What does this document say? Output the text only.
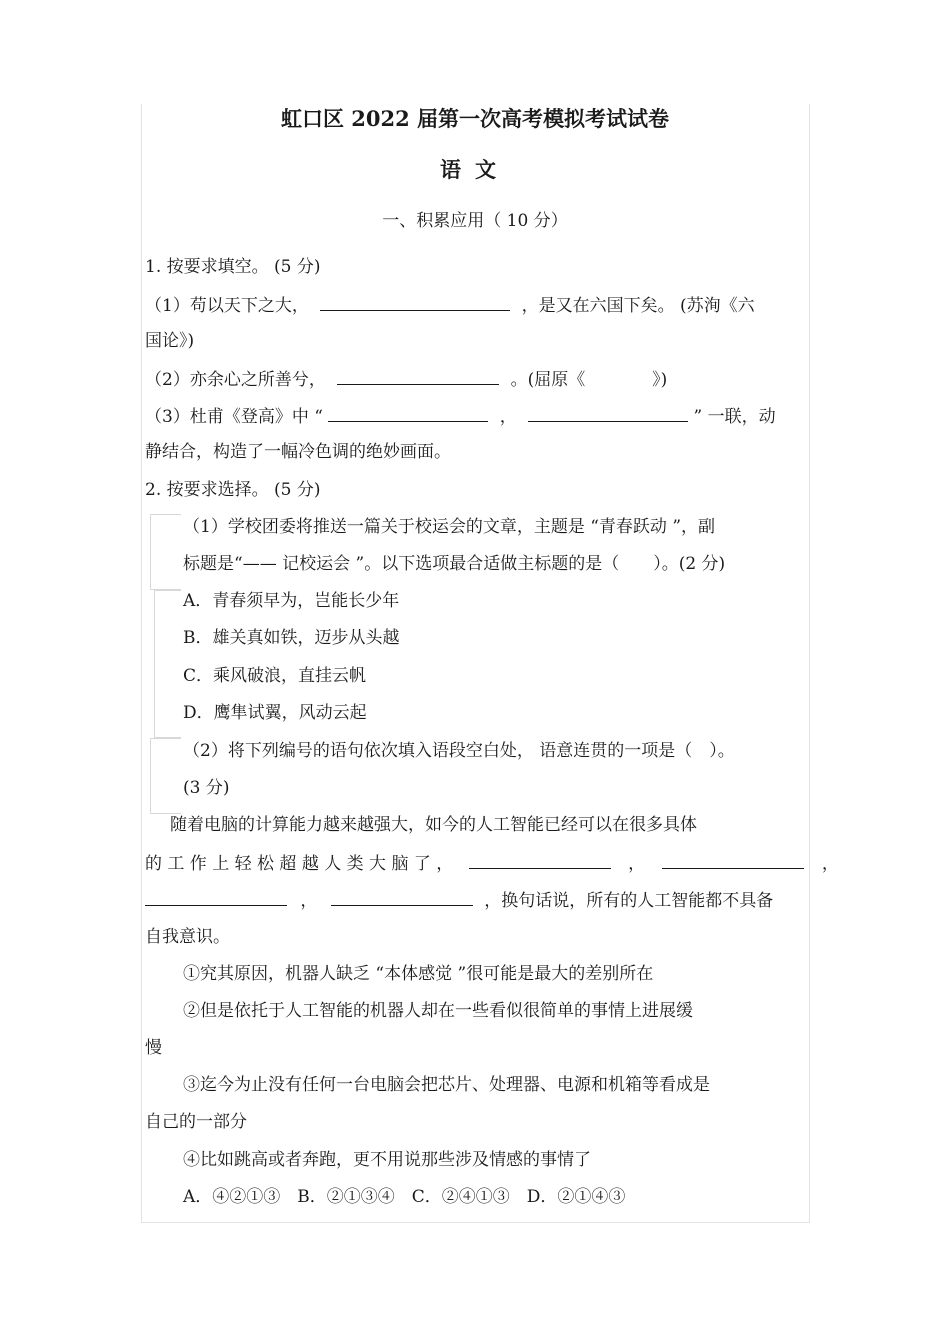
虹口区 2022 届第一次高考模拟考试试卷
语文
一、积累应用（ 10 分）
1. 按要求填空。 (5 分)
（1）苟以天下之大，	，是又在六国下矣。 (苏洵《六
国论》)
（2）亦余心之所善兮，	。(屈原《	》)
（3）杜甫《登高》中 “	，	” 一联，动
静结合，构造了一幅冷色调的绝妙画面。
2. 按要求选择。 (5 分)
（1）学校团委将推送一篇关于校运会的文章，主题是 “青春跃动 ”，副
标题是“—— 记校运会 ”。以下选项最合适做主标题的是（　　）。(2 分)
A．青春须早为，岂能长少年
B．雄关真如铁，迈步从头越
C．乘风破浪，直挂云帆
D．鹰隼试翼，风动云起
（2）将下列编号的语句依次填入语段空白处， 语意连贯的一项是（　）。
(3 分)
随着电脑的计算能力越来越强大，如今的人工智能已经可以在很多具体
的 工 作 上 轻 松 超 越 人 类 大 脑 了 ，	，	，
，	，换句话说，所有的人工智能都不具备
自我意识。
①究其原因，机器人缺乏 “本体感觉 ”很可能是最大的差别所在
②但是依托于人工智能的机器人却在一些看似很简单的事情上进展缓
慢
③迄今为止没有任何一台电脑会把芯片、处理器、电源和机箱等看成是
自己的一部分
④比如跳高或者奔跑，更不用说那些涉及情感的事情了
A．④②①③　B．②①③④　C．②④①③　D．②①④③
